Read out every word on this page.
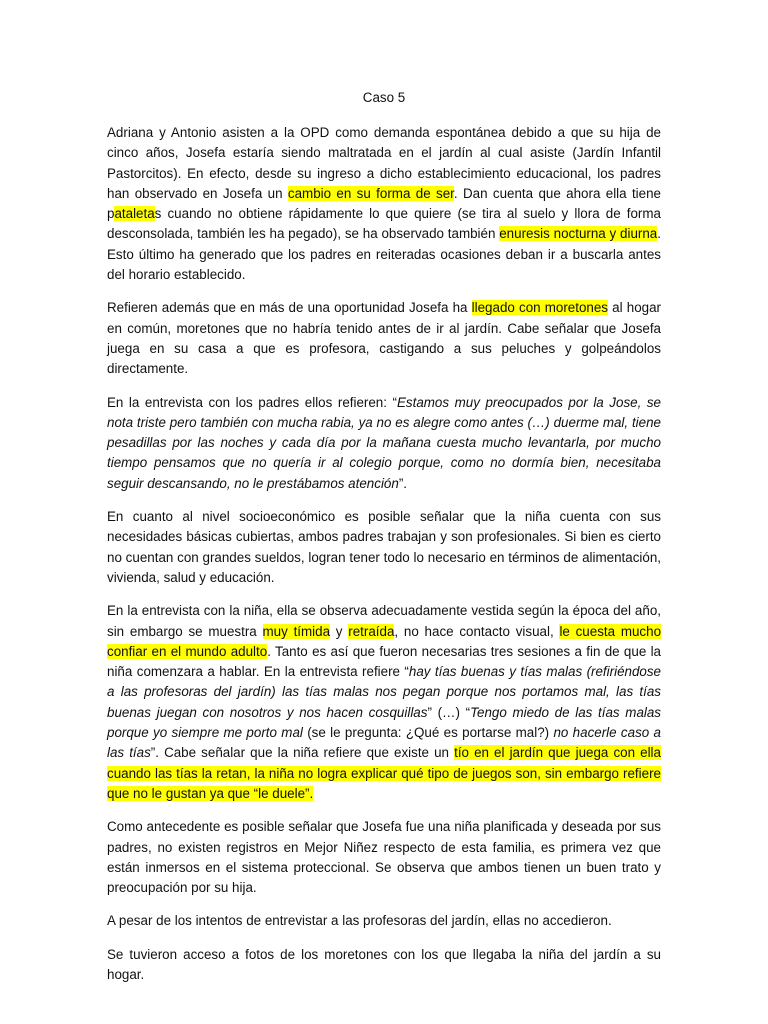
Caso 5

Adriana y Antonio asisten a la OPD como demanda espontánea debido a que su hija de cinco años, Josefa estaría siendo maltratada en el jardín al cual asiste (Jardín Infantil Pastorcitos). En efecto, desde su ingreso a dicho establecimiento educacional, los padres han observado en Josefa un cambio en su forma de ser. Dan cuenta que ahora ella tiene pataletas cuando no obtiene rápidamente lo que quiere (se tira al suelo y llora de forma desconsolada, también les ha pegado), se ha observado también enuresis nocturna y diurna. Esto último ha generado que los padres en reiteradas ocasiones deban ir a buscarla antes del horario establecido.

Refieren además que en más de una oportunidad Josefa ha llegado con moretones al hogar en común, moretones que no habría tenido antes de ir al jardín. Cabe señalar que Josefa juega en su casa a que es profesora, castigando a sus peluches y golpeándolos directamente.

En la entrevista con los padres ellos refieren: “Estamos muy preocupados por la Jose, se nota triste pero también con mucha rabia, ya no es alegre como antes (…) duerme mal, tiene pesadillas por las noches y cada día por la mañana cuesta mucho levantarla, por mucho tiempo pensamos que no quería ir al colegio porque, como no dormía bien, necesitaba seguir descansando, no le prestábamos atención”.

En cuanto al nivel socioeconómico es posible señalar que la niña cuenta con sus necesidades básicas cubiertas, ambos padres trabajan y son profesionales. Si bien es cierto no cuentan con grandes sueldos, logran tener todo lo necesario en términos de alimentación, vivienda, salud y educación.

En la entrevista con la niña, ella se observa adecuadamente vestida según la época del año, sin embargo se muestra muy tímida y retraída, no hace contacto visual, le cuesta mucho confiar en el mundo adulto. Tanto es así que fueron necesarias tres sesiones a fin de que la niña comenzara a hablar. En la entrevista refiere “hay tías buenas y tías malas (refiriéndose a las profesoras del jardín) las tías malas nos pegan porque nos portamos mal, las tías buenas juegan con nosotros y nos hacen cosquillas” (…) “Tengo miedo de las tías malas porque yo siempre me porto mal (se le pregunta: ¿Qué es portarse mal?) no hacerle caso a las tías”. Cabe señalar que la niña refiere que existe un tío en el jardín que juega con ella cuando las tías la retan, la niña no logra explicar qué tipo de juegos son, sin embargo refiere que no le gustan ya que “le duele”.

Como antecedente es posible señalar que Josefa fue una niña planificada y deseada por sus padres, no existen registros en Mejor Niñez respecto de esta familia, es primera vez que están inmersos en el sistema proteccional. Se observa que ambos tienen un buen trato y preocupación por su hija.

A pesar de los intentos de entrevistar a las profesoras del jardín, ellas no accedieron.

Se tuvieron acceso a fotos de los moretones con los que llegaba la niña del jardín a su hogar.
